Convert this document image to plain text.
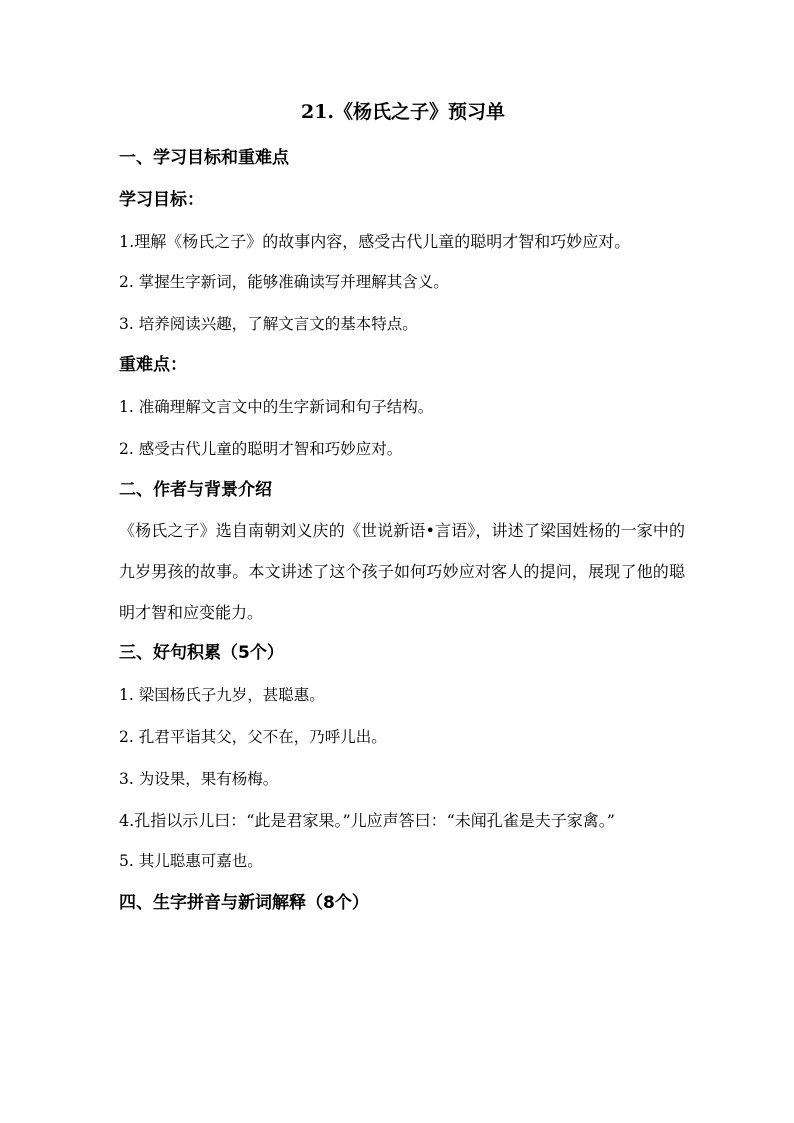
21.《杨氏之子》预习单
一、学习目标和重难点
学习目标：

1.理解《杨氏之子》的故事内容，感受古代儿童的聪明才智和巧妙应对。

2. 掌握生字新词，能够准确读写并理解其含义。

3. 培养阅读兴趣，了解文言文的基本特点。

重难点：

1. 准确理解文言文中的生字新词和句子结构。

2. 感受古代儿童的聪明才智和巧妙应对。

二、作者与背景介绍

《杨氏之子》选自南朝刘义庆的《世说新语•言语》，讲述了梁国姓杨的一家中的九岁男孩的故事。本文讲述了这个孩子如何巧妙应对客人的提问，展现了他的聪明才智和应变能力。

三、好句积累（5个）

1. 梁国杨氏子九岁，甚聪惠。

2. 孔君平诣其父，父不在，乃呼儿出。

3. 为设果，果有杨梅。

4.孔指以示儿曰：“此是君家果。”儿应声答曰：“未闻孔雀是夫子家禽。”

5. 其儿聪惠可嘉也。

四、生字拼音与新词解释（8个）
